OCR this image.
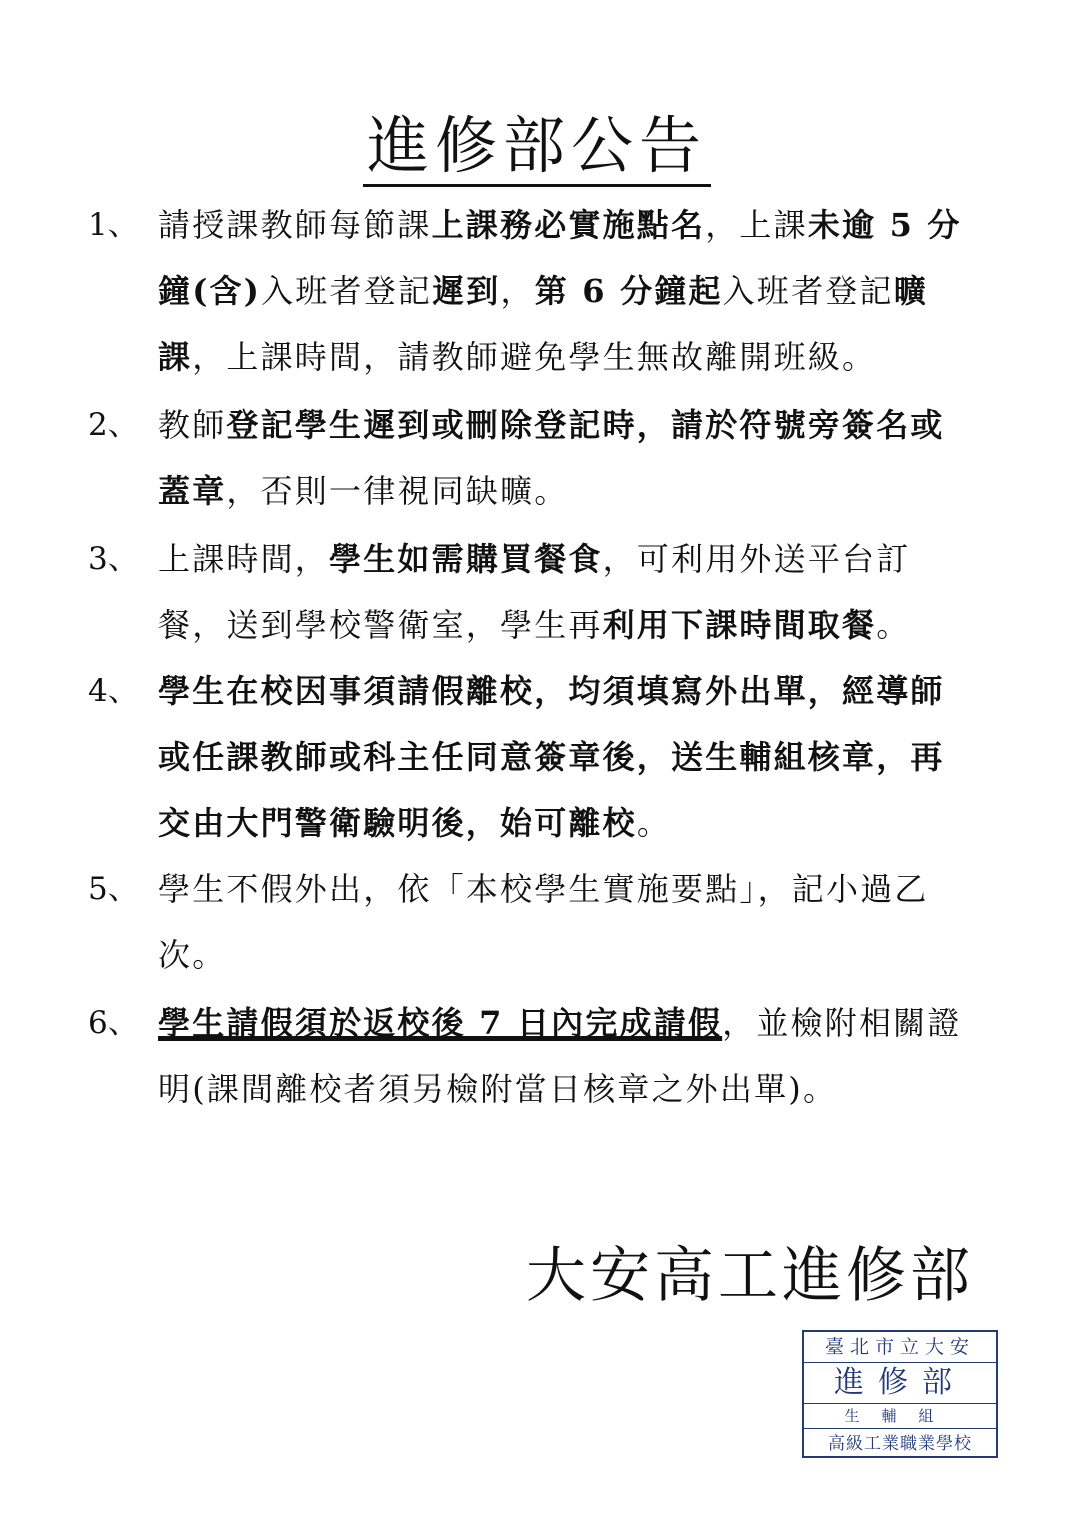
進修部公告
1、 請授課教師每節課上課務必實施點名，上課未逾 5 分鐘(含)入班者登記遲到，第 6 分鐘起入班者登記曠課，上課時間，請教師避免學生無故離開班級。
2、 教師登記學生遲到或刪除登記時，請於符號旁簽名或蓋章，否則一律視同缺曠。
3、 上課時間，學生如需購買餐食，可利用外送平台訂餐，送到學校警衛室，學生再利用下課時間取餐。
4、 學生在校因事須請假離校，均須填寫外出單，經導師或任課教師或科主任同意簽章後，送生輔組核章，再交由大門警衛驗明後，始可離校。
5、 學生不假外出，依「本校學生實施要點」，記小過乙次。
6、 學生請假須於返校後 7 日內完成請假，並檢附相關證明(課間離校者須另檢附當日核章之外出單)。
大安高工進修部
臺北市立大安
進修部
生輔組
高級工業職業學校
